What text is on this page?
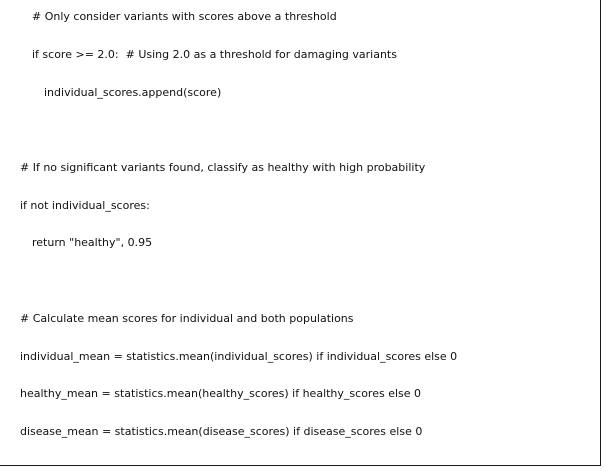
# Only consider variants with scores above a threshold
if score >= 2.0:  # Using 2.0 as a threshold for damaging variants
individual_scores.append(score)
# If no significant variants found, classify as healthy with high probability
if not individual_scores:
return "healthy", 0.95
# Calculate mean scores for individual and both populations
individual_mean = statistics.mean(individual_scores) if individual_scores else 0
healthy_mean = statistics.mean(healthy_scores) if healthy_scores else 0
disease_mean = statistics.mean(disease_scores) if disease_scores else 0
